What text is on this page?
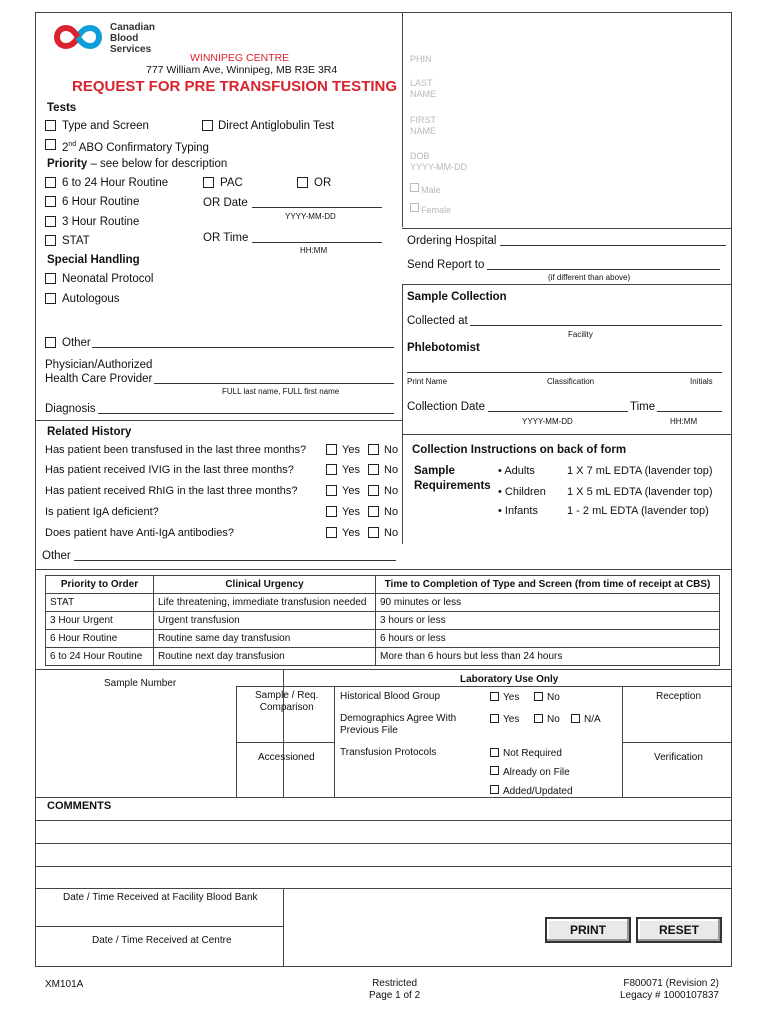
Canadian
Blood
Services
WINNIPEG CENTRE
777 William Ave, Winnipeg, MB R3E 3R4
REQUEST FOR PRE TRANSFUSION TESTING
PHIN
LAST
NAME
FIRST
NAME
DOB
YYYY-MM-DD
Male
Female
Tests
Type and Screen	Direct Antiglobulin Test
2nd ABO Confirmatory Typing
Priority – see below for description
6 to 24 Hour Routine
6 Hour Routine
3 Hour Routine
STAT
PAC	OR
OR Date
YYYY-MM-DD
OR Time
HH:MM
Special Handling
Neonatal Protocol
Autologous
Other
Physician/Authorized
Health Care Provider
FULL last name, FULL first name
Diagnosis
Ordering Hospital
Send Report to
(if different than above)
Sample Collection
Collected at
Facility
Phlebotomist
Print Name	Classification	Initials
Collection Date
YYYY-MM-DD
Time
HH:MM
Related History
Has patient been transfused in the last three months?	Yes No
Has patient received IVIG in the last three months?	Yes No
Has patient received RhIG in the last three months?	Yes No
Is patient IgA deficient?	Yes No
Does patient have Anti-IgA antibodies?	Yes No
Other
Collection Instructions on back of form
Sample
Requirements
• Adults	1 X 7 mL EDTA (lavender top)
• Children 1 X 5 mL EDTA (lavender top)
• Infants	1 - 2 mL EDTA (lavender top)
Priority to Order	Clinical Urgency	Time to Completion of Type and Screen (from time of receipt at CBS)
STAT	Life threatening, immediate transfusion needed	90 minutes or less
3 Hour Urgent	Urgent transfusion	3 hours or less
6 Hour Routine	Routine same day transfusion	6 hours or less
6 to 24 Hour Routine	Routine next day transfusion	More than 6 hours but less than 24 hours
Laboratory Use Only
Sample Number
Sample / Req.
Comparison
Accessioned
Historical Blood Group
Demographics Agree With
Previous File
Transfusion Protocols
Yes	No
Yes	No N/A
Not Required
Already on File
Added/Updated
Reception
Verification
COMMENTS
Date / Time Received at Facility Blood Bank
Date / Time Received at Centre
PRINT	RESET
XM101A	Restricted
Page 1 of 2
F800071 (Revision 2)
Legacy # 1000107837
